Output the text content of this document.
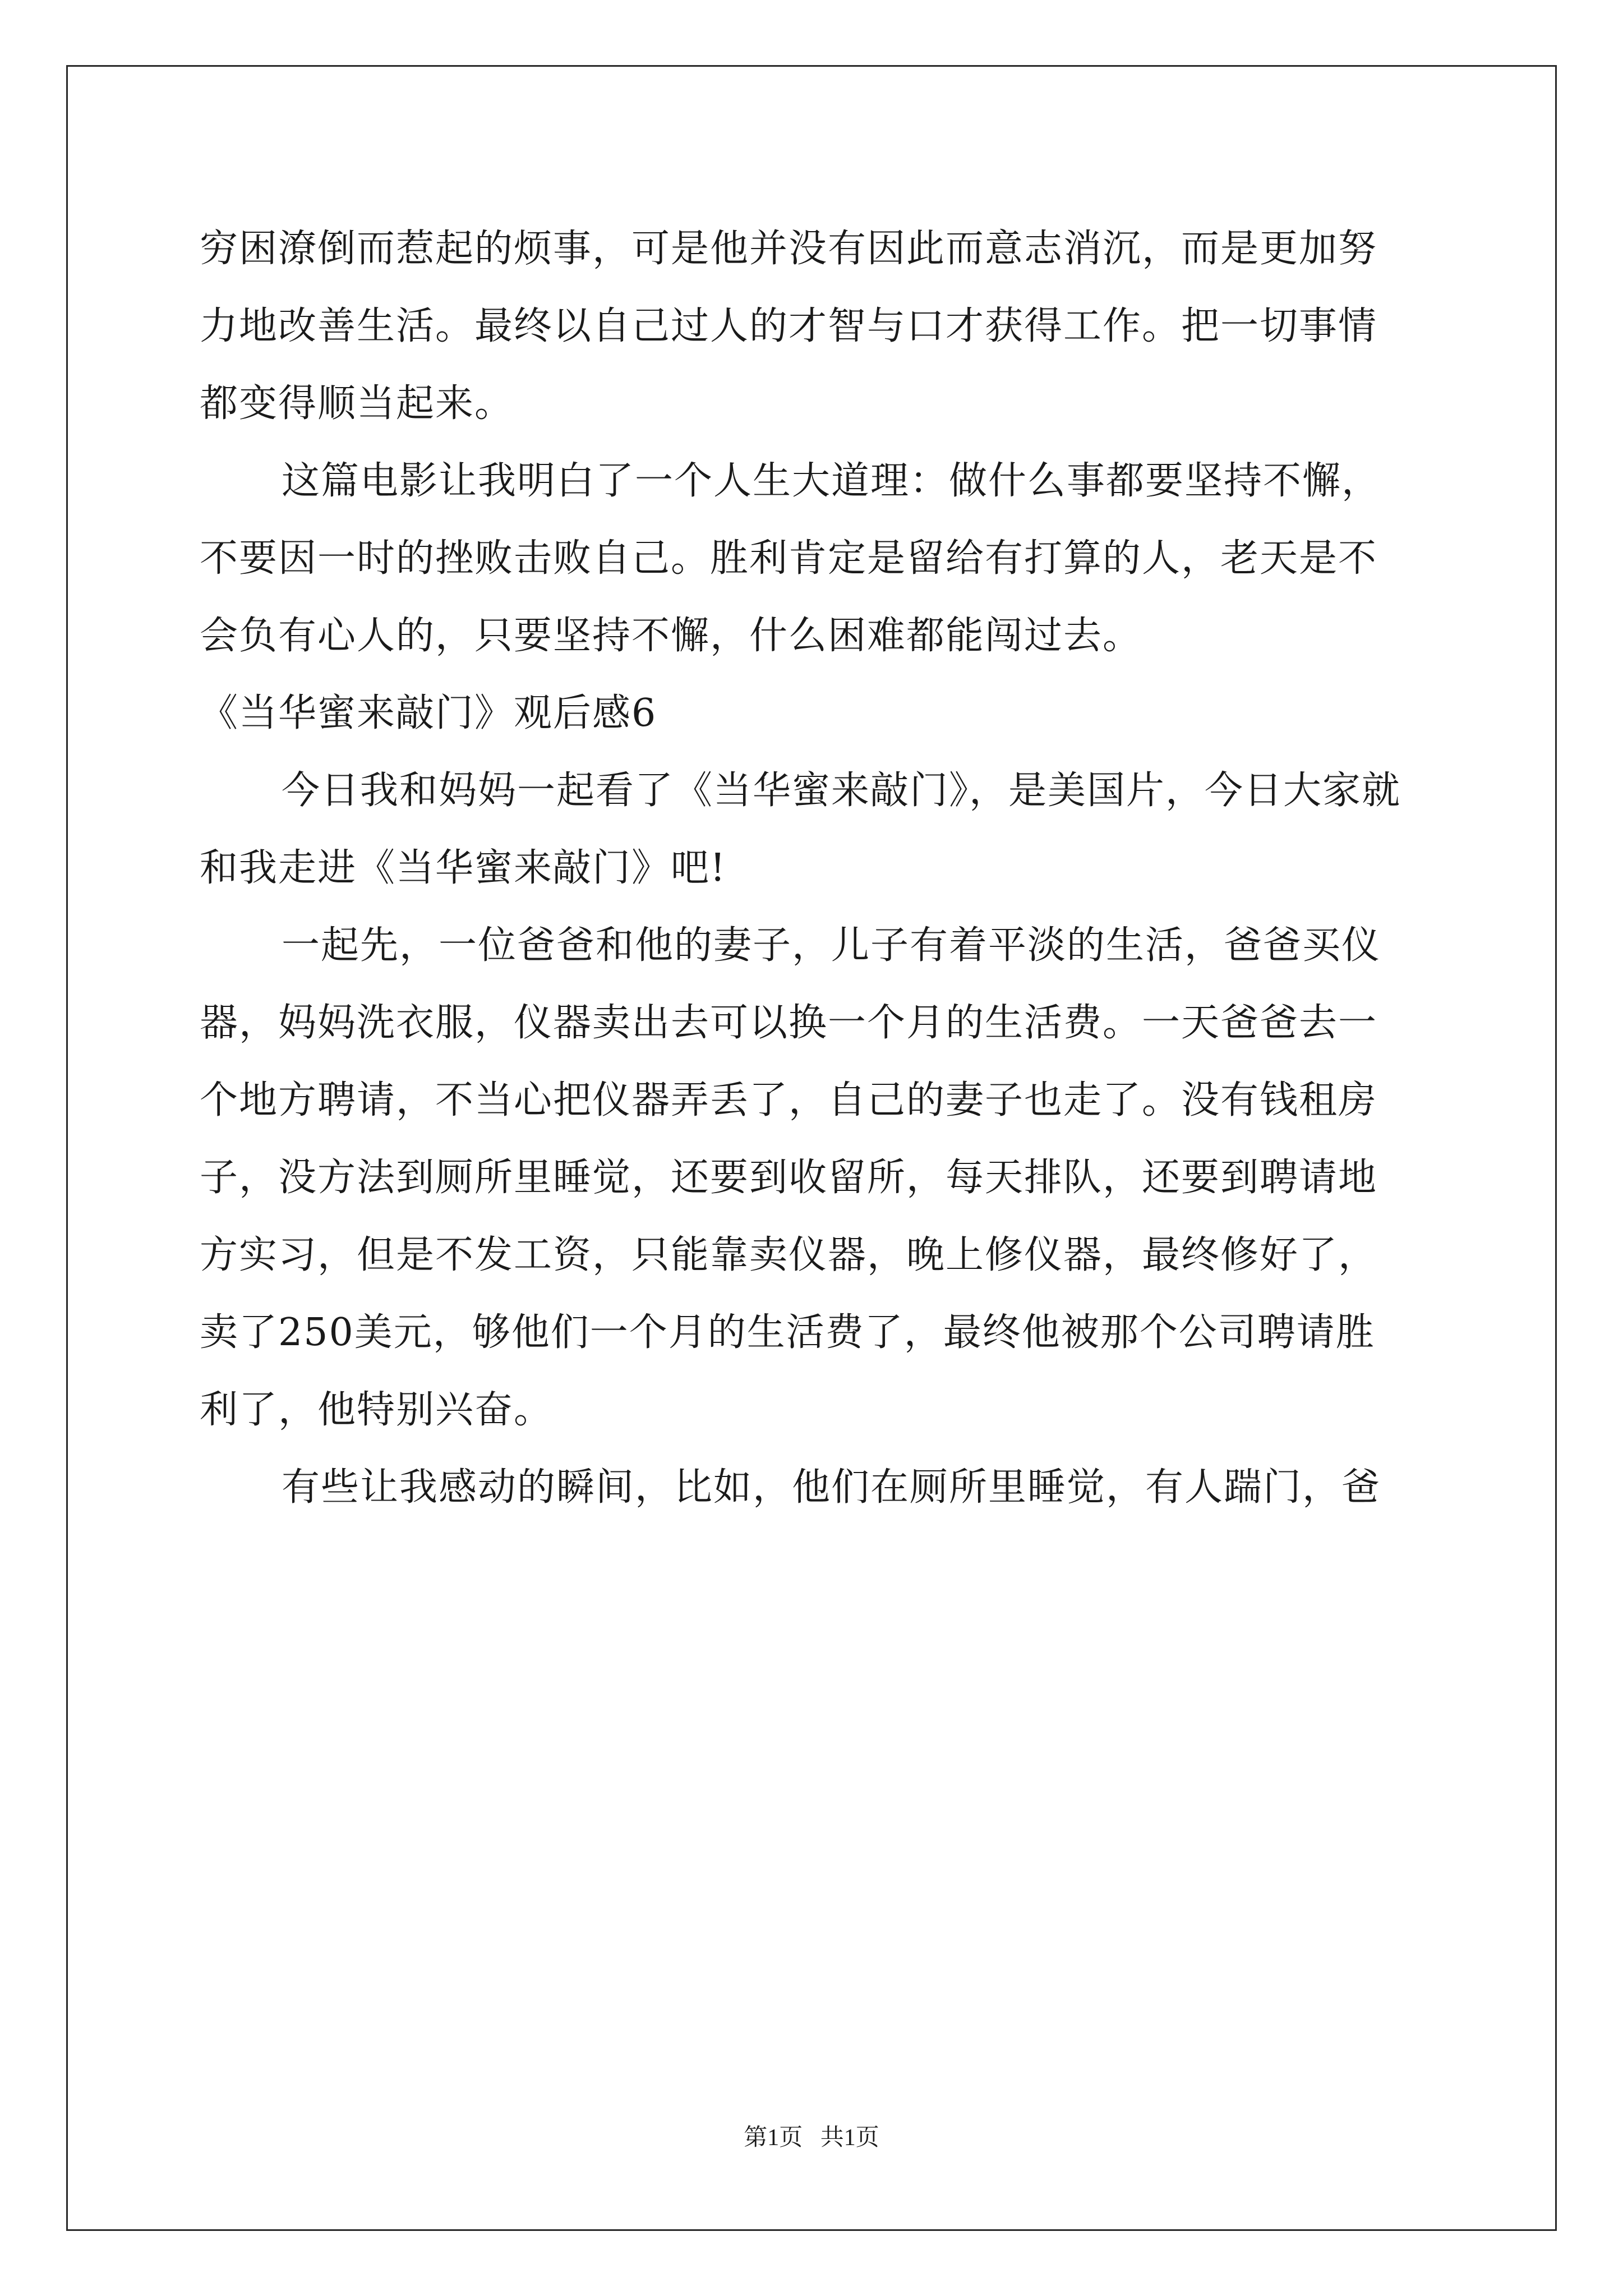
穷困潦倒而惹起的烦事，可是他并没有因此而意志消沉，而是更加努
力地改善生活。最终以自己过人的才智与口才获得工作。把一切事情
都变得顺当起来。
这篇电影让我明白了一个人生大道理：做什么事都要坚持不懈，
不要因一时的挫败击败自己。胜利肯定是留给有打算的人，老天是不
会负有心人的，只要坚持不懈，什么困难都能闯过去。
《当华蜜来敲门》观后感6
今日我和妈妈一起看了《当华蜜来敲门》，是美国片，今日大家就
和我走进《当华蜜来敲门》吧!
一起先，一位爸爸和他的妻子，儿子有着平淡的生活，爸爸买仪
器，妈妈洗衣服，仪器卖出去可以换一个月的生活费。一天爸爸去一
个地方聘请，不当心把仪器弄丢了，自己的妻子也走了。没有钱租房
子，没方法到厕所里睡觉，还要到收留所，每天排队，还要到聘请地
方实习，但是不发工资，只能靠卖仪器，晚上修仪器，最终修好了，
卖了250美元，够他们一个月的生活费了，最终他被那个公司聘请胜
利了，他特别兴奋。
有些让我感动的瞬间，比如，他们在厕所里睡觉，有人踹门，爸
第1页   共1页
